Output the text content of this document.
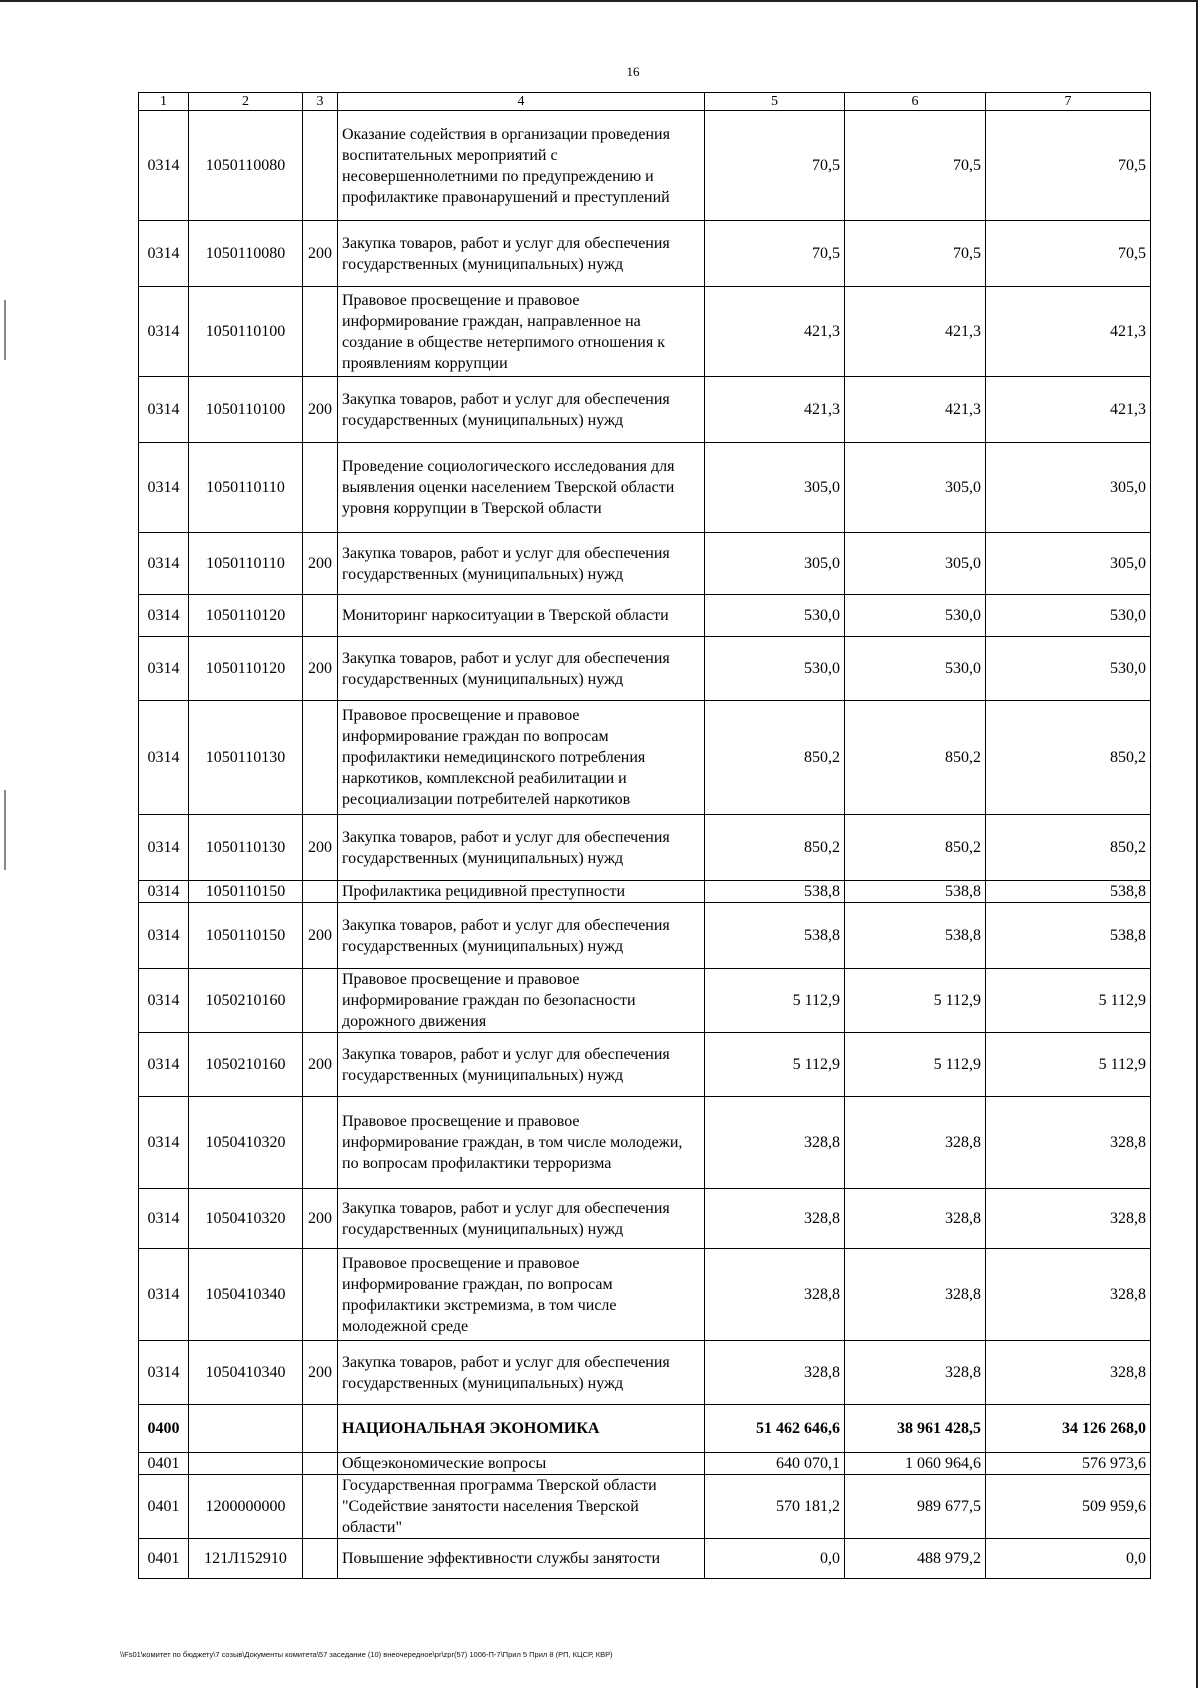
16
1	2	3	4	5	6	7
0314	1050110080		Оказание содействия в организации проведения воспитательных мероприятий с несовершеннолетними по предупреждению и профилактике правонарушений и преступлений	70,5	70,5	70,5
0314	1050110080	200	Закупка товаров, работ и услуг для обеспечения государственных (муниципальных) нужд	70,5	70,5	70,5
0314	1050110100		Правовое просвещение и правовое информирование граждан, направленное на создание в обществе нетерпимого отношения к проявлениям коррупции	421,3	421,3	421,3
0314	1050110100	200	Закупка товаров, работ и услуг для обеспечения государственных (муниципальных) нужд	421,3	421,3	421,3
0314	1050110110		Проведение социологического исследования для выявления оценки населением Тверской области уровня коррупции в Тверской области	305,0	305,0	305,0
0314	1050110110	200	Закупка товаров, работ и услуг для обеспечения государственных (муниципальных) нужд	305,0	305,0	305,0
0314	1050110120		Мониторинг наркоситуации в Тверской области	530,0	530,0	530,0
0314	1050110120	200	Закупка товаров, работ и услуг для обеспечения государственных (муниципальных) нужд	530,0	530,0	530,0
0314	1050110130		Правовое просвещение и правовое информирование граждан по вопросам профилактики немедицинского потребления наркотиков, комплексной реабилитации и ресоциализации потребителей наркотиков	850,2	850,2	850,2
0314	1050110130	200	Закупка товаров, работ и услуг для обеспечения государственных (муниципальных) нужд	850,2	850,2	850,2
0314	1050110150		Профилактика рецидивной преступности	538,8	538,8	538,8
0314	1050110150	200	Закупка товаров, работ и услуг для обеспечения государственных (муниципальных) нужд	538,8	538,8	538,8
0314	1050210160		Правовое просвещение и правовое информирование граждан по безопасности дорожного движения	5 112,9	5 112,9	5 112,9
0314	1050210160	200	Закупка товаров, работ и услуг для обеспечения государственных (муниципальных) нужд	5 112,9	5 112,9	5 112,9
0314	1050410320		Правовое просвещение и правовое информирование граждан, в том числе молодежи, по вопросам профилактики терроризма	328,8	328,8	328,8
0314	1050410320	200	Закупка товаров, работ и услуг для обеспечения государственных (муниципальных) нужд	328,8	328,8	328,8
0314	1050410340		Правовое просвещение и правовое информирование граждан, по вопросам профилактики экстремизма, в том числе молодежной среде	328,8	328,8	328,8
0314	1050410340	200	Закупка товаров, работ и услуг для обеспечения государственных (муниципальных) нужд	328,8	328,8	328,8
0400			НАЦИОНАЛЬНАЯ ЭКОНОМИКА	51 462 646,6	38 961 428,5	34 126 268,0
0401			Общеэкономические вопросы	640 070,1	1 060 964,6	576 973,6
0401	1200000000		Государственная программа Тверской области "Содействие занятости населения Тверской области"	570 181,2	989 677,5	509 959,6
0401	121Л152910		Повышение эффективности службы занятости	0,0	488 979,2	0,0
\\Fs01\комитет по бюджету\7 созыв\Документы комитета\57 заседание (10) внеочередное\pr\zpr(57) 1006-П-7\Прил 5 Прил 8 (РП, КЦСР, КВР)
